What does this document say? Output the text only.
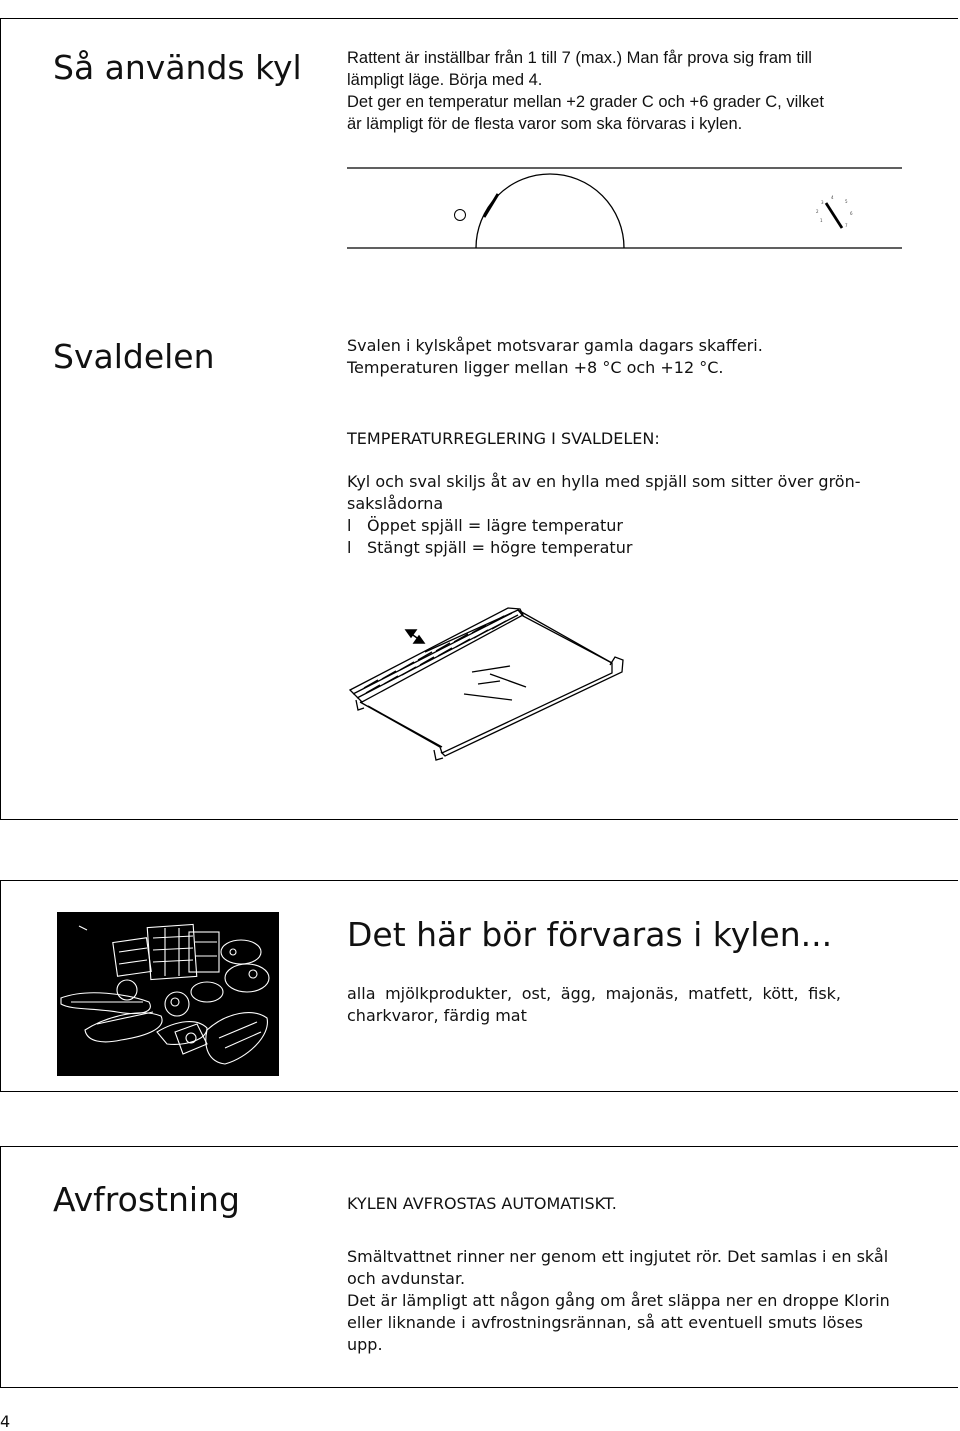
Så används kyl	Rattent är inställbar från 1 till 7 (max.) Man får prova sig fram till
lämpligt läge. Börja med 4.
Det ger en temperatur mellan +2 grader C och +6 grader C, vilket
är lämpligt för de flesta varor som ska förvaras i kylen.
1
2
3
4
5
6
7
Svaldelen	Svalen i kylskåpet motsvarar gamla dagars skafferi.
Temperaturen ligger mellan +8 °C och +12 °C.
TEMPERATURREGLERING I SVALDELEN:
Kyl och sval skiljs åt av en hylla med spjäll som sitter över grön-
sakslådorna
l Öppet spjäll = lägre temperatur
l Stängt spjäll = högre temperatur
Det här bör förvaras i kylen...
alla mjölkprodukter, ost, ägg, majonäs, matfett, kött, fisk,
charkvaror, färdig mat
Avfrostning	KYLEN AVFROSTAS AUTOMATISKT.
Smältvattnet rinner ner genom ett ingjutet rör. Det samlas i en skål
och avdunstar.
Det är lämpligt att någon gång om året släppa ner en droppe Klorin
eller liknande i avfrostningsrännan, så att eventuell smuts löses
upp.
4
